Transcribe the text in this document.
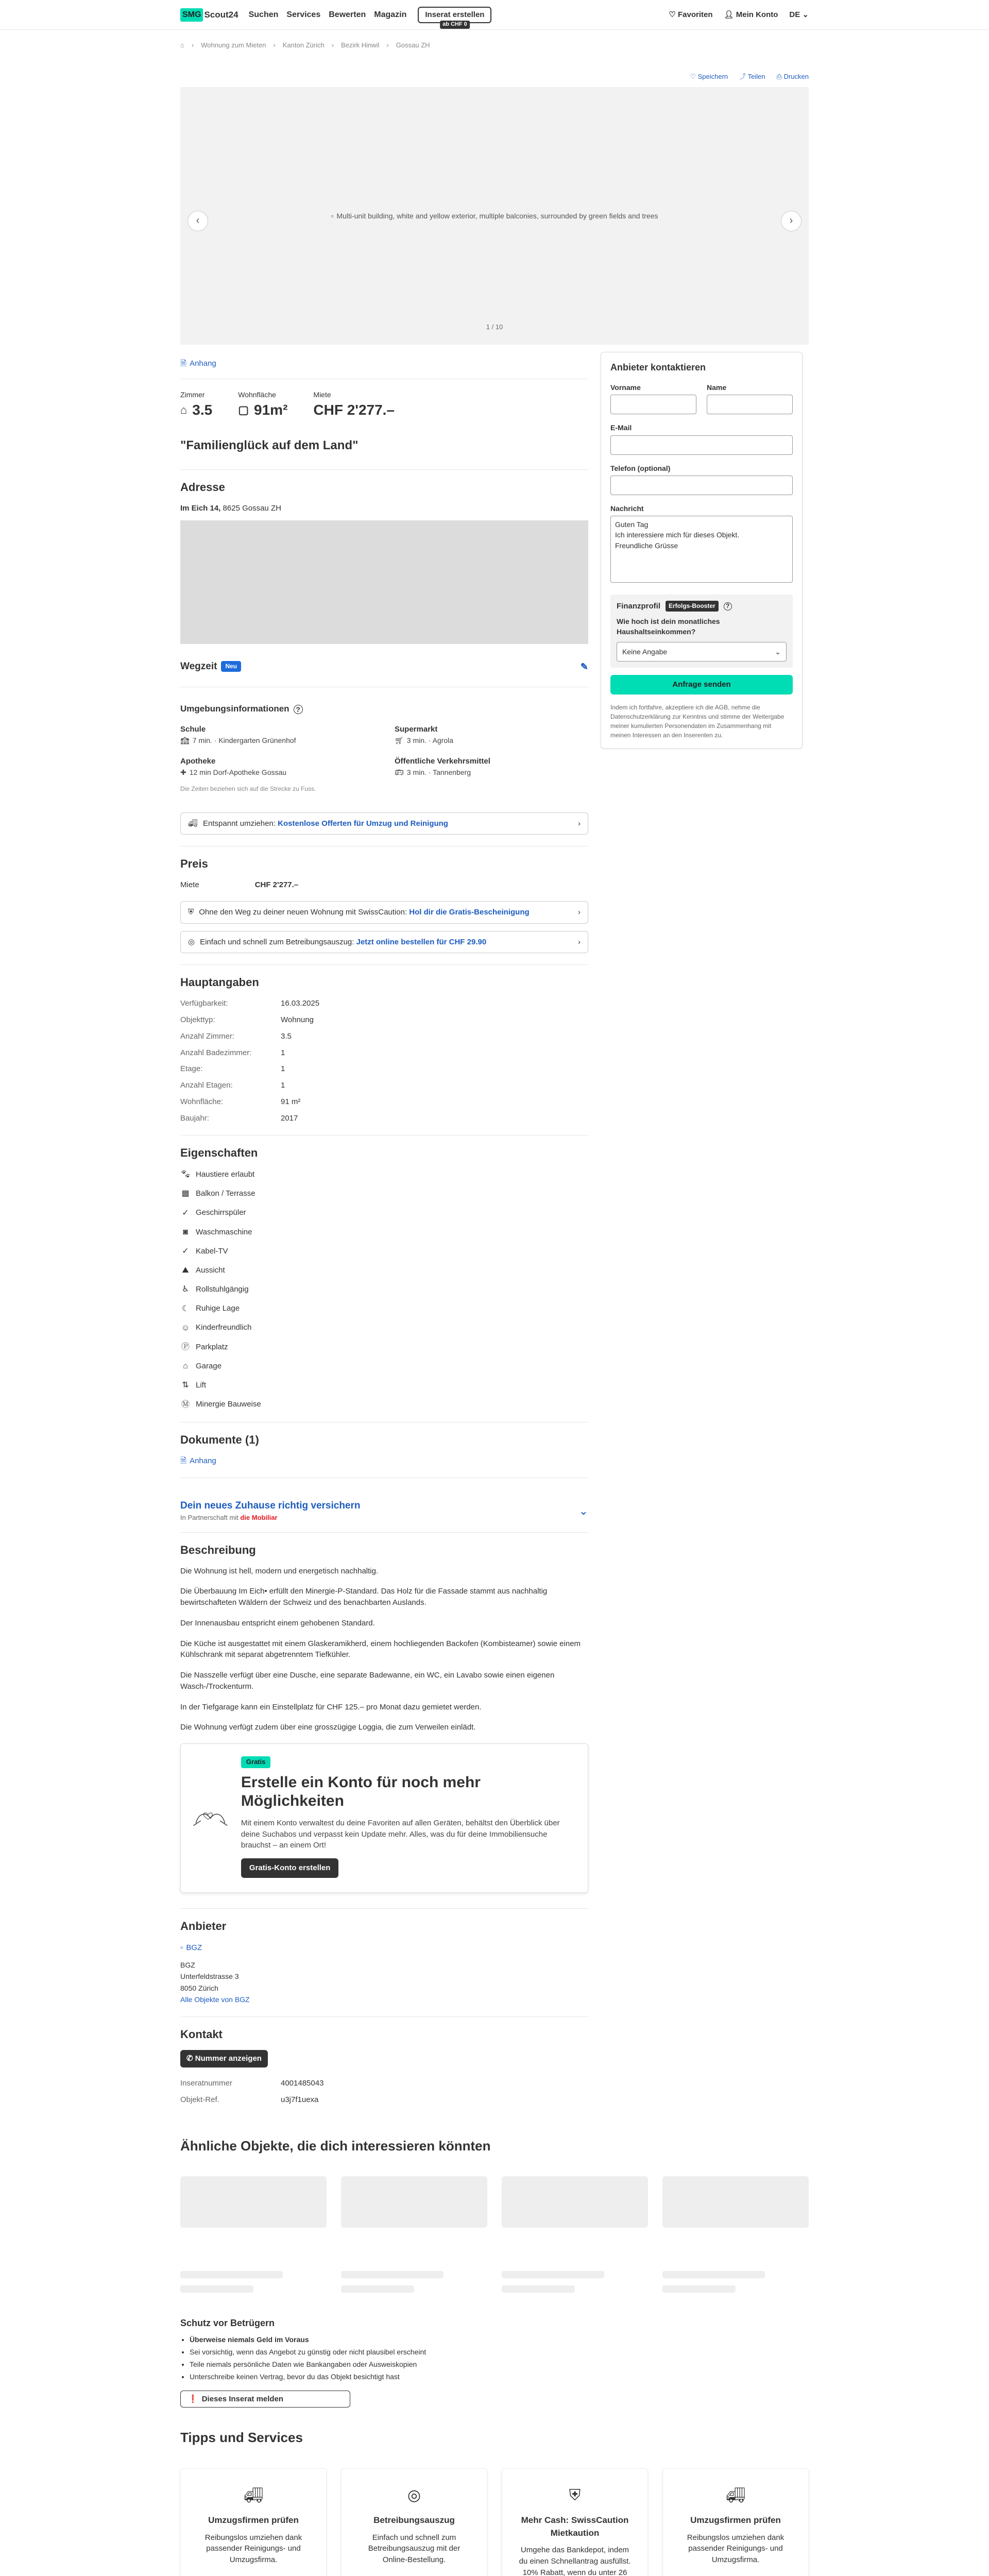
SMG Scout24 Suchen Services Bewerten Magazin	Inserat erstellen
ab CHF 0
♡ Favoriten 👤︎ Mein Konto DE ⌄
⌂ › Wohnung zum Mieten › Kanton Zürich › Bezirk Hinwil › Gossau ZH
♡ Speichern ⤴ Teilen ⎙ Drucken
‹	▫ Multi-unit building, white and yellow exterior, multiple balconies, surrounded by green fields and trees	›
1 / 10
🗎︎ Anhang
Zimmer
⌂ 3.5
Wohnfläche
▢ 91m²
Miete
CHF 2'277.–
"Familienglück auf dem Land"
Adresse
Im Eich 14, 8625 Gossau ZH
Wegzeit	Neu	✎
Umgebungsinformationen ?
Schule
🏫︎ 7 min. · Kindergarten Grünenhof
Supermarkt
🛒︎ 3 min. · Agrola
Apotheke
✚ 12 min Dorf-Apotheke Gossau
Öffentliche Verkehrsmittel
🚌︎ 3 min. · Tannenberg
Die Zeiten beziehen sich auf die Strecke zu Fuss.
🚚︎ Entspannt umziehen: Kostenlose Offerten für Umzug und Reinigung	›
Preis
Miete	CHF 2'277.–
⛨ Ohne den Weg zu deiner neuen Wohnung mit SwissCaution: Hol dir die Gratis-Bescheinigung	›
◎ Einfach und schnell zum Betreibungsauszug: Jetzt online bestellen für CHF 29.90	›
Hauptangaben
Verfügbarkeit:	16.03.2025
Objekttyp:	Wohnung
Anzahl Zimmer:	3.5
Anzahl Badezimmer:	1
Etage:	1
Anzahl Etagen:	1
Wohnfläche:	91 m²
Baujahr:	2017
Eigenschaften
🐾︎ Haustiere erlaubt
▦ Balkon / Terrasse
✓ Geschirrspüler
◙	Waschmaschine
✓ Kabel-TV
⛰︎ Aussicht
♿︎ Rollstuhlgängig
☾ Ruhige Lage
☺ Kinderfreundlich
Ⓟ Parkplatz
⌂	Garage
⇅ Lift
Ⓜ Minergie Bauweise
Dokumente (1)
🗎︎ Anhang
Dein neues Zuhause richtig versichern
In Partnerschaft mit die Mobiliar
⌄
Beschreibung

Die Wohnung ist hell, modern und energetisch nachhaltig.

Die Überbauung Im Eich• erfüllt den Minergie-P-Standard. Das Holz für die Fassade stammt aus nachhaltig bewirtschafteten Wäldern der Schweiz und des benachbarten Auslands.

Der Innenausbau entspricht einem gehobenen Standard.

Die Küche ist ausgestattet mit einem Glaskeramikherd, einem hochliegenden Backofen (Kombisteamer) sowie einem Kühlschrank mit separat abgetrenntem Tiefkühler.

Die Nasszelle verfügt über eine Dusche, eine separate Badewanne, ein WC, ein Lavabo sowie einen eigenen Wasch-/Trockenturm.

In der Tiefgarage kann ein Einstellplatz für CHF 125.– pro Monat dazu gemietet werden.

Die Wohnung verfügt zudem über eine grosszügige Loggia, die zum Verweilen einlädt.

Gratis
Erstelle ein Konto für noch mehr Möglichkeiten

Mit einem Konto verwaltest du deine Favoriten auf allen Geräten, behältst den Überblick über deine Suchabos und verpasst kein Update mehr. Alles, was du für deine Immobiliensuche brauchst – an einem Ort!

Gratis-Konto erstellen
Anbieter
▫ BGZ
BGZ
Unterfeldstrasse 3
8050 Zürich
Alle Objekte von BGZ
Kontakt
✆ Nummer anzeigen
Inseratnummer	4001485043
Objekt-Ref.	u3j7f1uexa
Anbieter kontaktieren
Vorname	Name
E-Mail
Telefon (optional)
Nachricht
Guten Tag Ich interessiere mich für dieses Objekt. Freundliche Grüsse
Finanzprofil	Erfolgs-Booster	?
Wie hoch ist dein monatliches Haushaltseinkommen?
Keine Angabe	⌄
Anfrage senden
Indem ich fortfahre, akzeptiere ich die AGB, nehme die Datenschutzerklärung zur Kenntnis und stimme der Weitergabe meiner kumulierten Personendaten im Zusammenhang mit meinen Interessen an den Inserenten zu.
Ähnliche Objekte, die dich interessieren könnten
Schutz vor Betrügern
• Überweise niemals Geld im Voraus
• Sei vorsichtig, wenn das Angebot zu günstig oder nicht plausibel erscheint
• Teile niemals persönliche Daten wie Bankangaben oder Ausweiskopien
• Unterschreibe keinen Vertrag, bevor du das Objekt besichtigt hast
❗ Dieses Inserat melden
Tipps und Services
🚚︎
Umzugsfirmen prüfen
Reibungslos umziehen dank passender Reinigungs- und Umzugsfirma.
◎
Betreibungsauszug
Einfach und schnell zum Betreibungsauszug mit der Online-Bestellung.
⛨
Mehr Cash: SwissCaution Mietkaution
Umgehe das Bankdepot, indem du einen Schnellantrag ausfüllst. 10% Rabatt, wenn du unter 26
🚚︎
Umzugsfirmen prüfen
Reibungslos umziehen dank passender Reinigungs- und Umzugsfirma.
